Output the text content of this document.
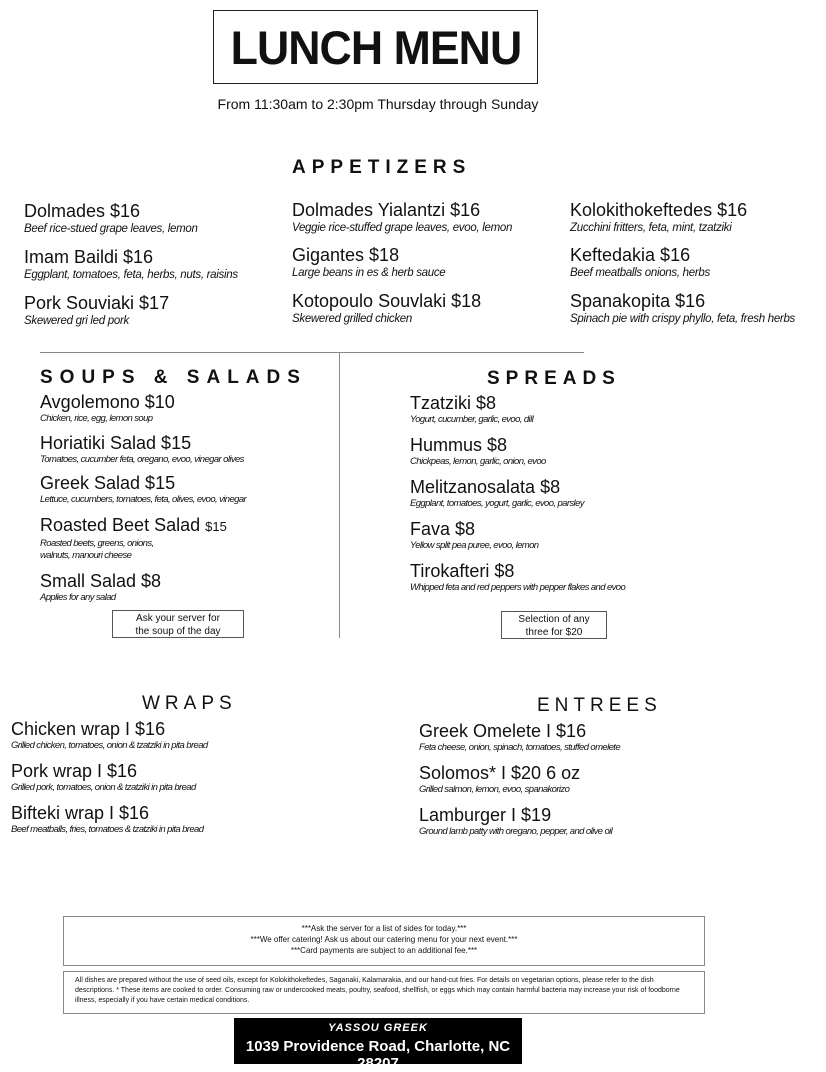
LUNCH MENU
From 11:30am to 2:30pm Thursday through Sunday
APPETIZERS
Dolmades $16
Beef rice-stued grape leaves, lemon
Imam Baildi $16
Eggplant, tomatoes, feta, herbs, nuts, raisins
Pork Souviaki $17
Skewered gri led pork
Dolmades Yialantzi $16
Veggie rice-stuffed grape leaves, evoo, lemon
Gigantes $18
Large beans in es & herb sauce
Kotopoulo Souvlaki $18
Skewered grilled chicken
Kolokithokeftedes $16
Zucchini fritters, feta, mint, tzatziki
Keftedakia $16
Beef meatballs onions, herbs
Spanakopita $16
Spinach pie with crispy phyllo, feta, fresh herbs
SOUPS & SALADS
Avgolemono $10
Chicken, rice, egg, lemon soup
Horiatiki Salad $15
Tomatoes, cucumber feta, oregano, evoo, vinegar olives
Greek Salad $15
Lettuce, cucumbers, tomatoes, feta, olives, evoo, vinegar
Roasted Beet Salad $15
Roasted beets, greens, onions,
walnuts, manouri cheese
Small Salad $8
Applies for any salad
Ask your server for
the soup of the day
SPREADS
Tzatziki $8
Yogurt, cucumber, garlic, evoo, dill
Hummus $8
Chickpeas, lemon, garlic, onion, evoo
Melitzanosalata $8
Eggplant, tomatoes, yogurt, garlic, evoo, parsley
Fava $8
Yellow split pea puree, evoo, lemon
Tirokafteri $8
Whipped feta and red peppers with pepper flakes and evoo
Selection of any
three for $20
WRAPS
Chicken wrap I $16
Grilled chicken, tomatoes, onion & tzatziki in pita bread
Pork wrap I $16
Grilled pork, tomatoes, onion & tzatziki in pita bread
Bifteki wrap I $16
Beef meatballs, fries, tomatoes & tzatziki in pita bread
ENTREES
Greek Omelete I $16
Feta cheese, onion, spinach, tomatoes, stuffed omelete
Solomos* I $20 6 oz
Grilled salmon, lemon, evoo, spanakorizo
Lamburger I $19
Ground lamb patty with oregano, pepper, and olive oil
***Ask the server for a list of sides for today.***
***We offer catering! Ask us about our catering menu for your next event.***
***Card payments are subject to an additional fee.***
All dishes are prepared without the use of seed oils, except for Kolokithokeftedes, Saganaki, Kalamarakia, and our hand-cut fries. For details on vegetarian options, please refer to the dish descriptions. * These items are cooked to order. Consuming raw or undercooked meats, poultry, seafood, shellfish, or eggs which may contain harmful bacteria may increase your risk of foodborne illness, especially if you have certain medical conditions.
YASSOU GREEK
1039 Providence Road, Charlotte, NC 28207
